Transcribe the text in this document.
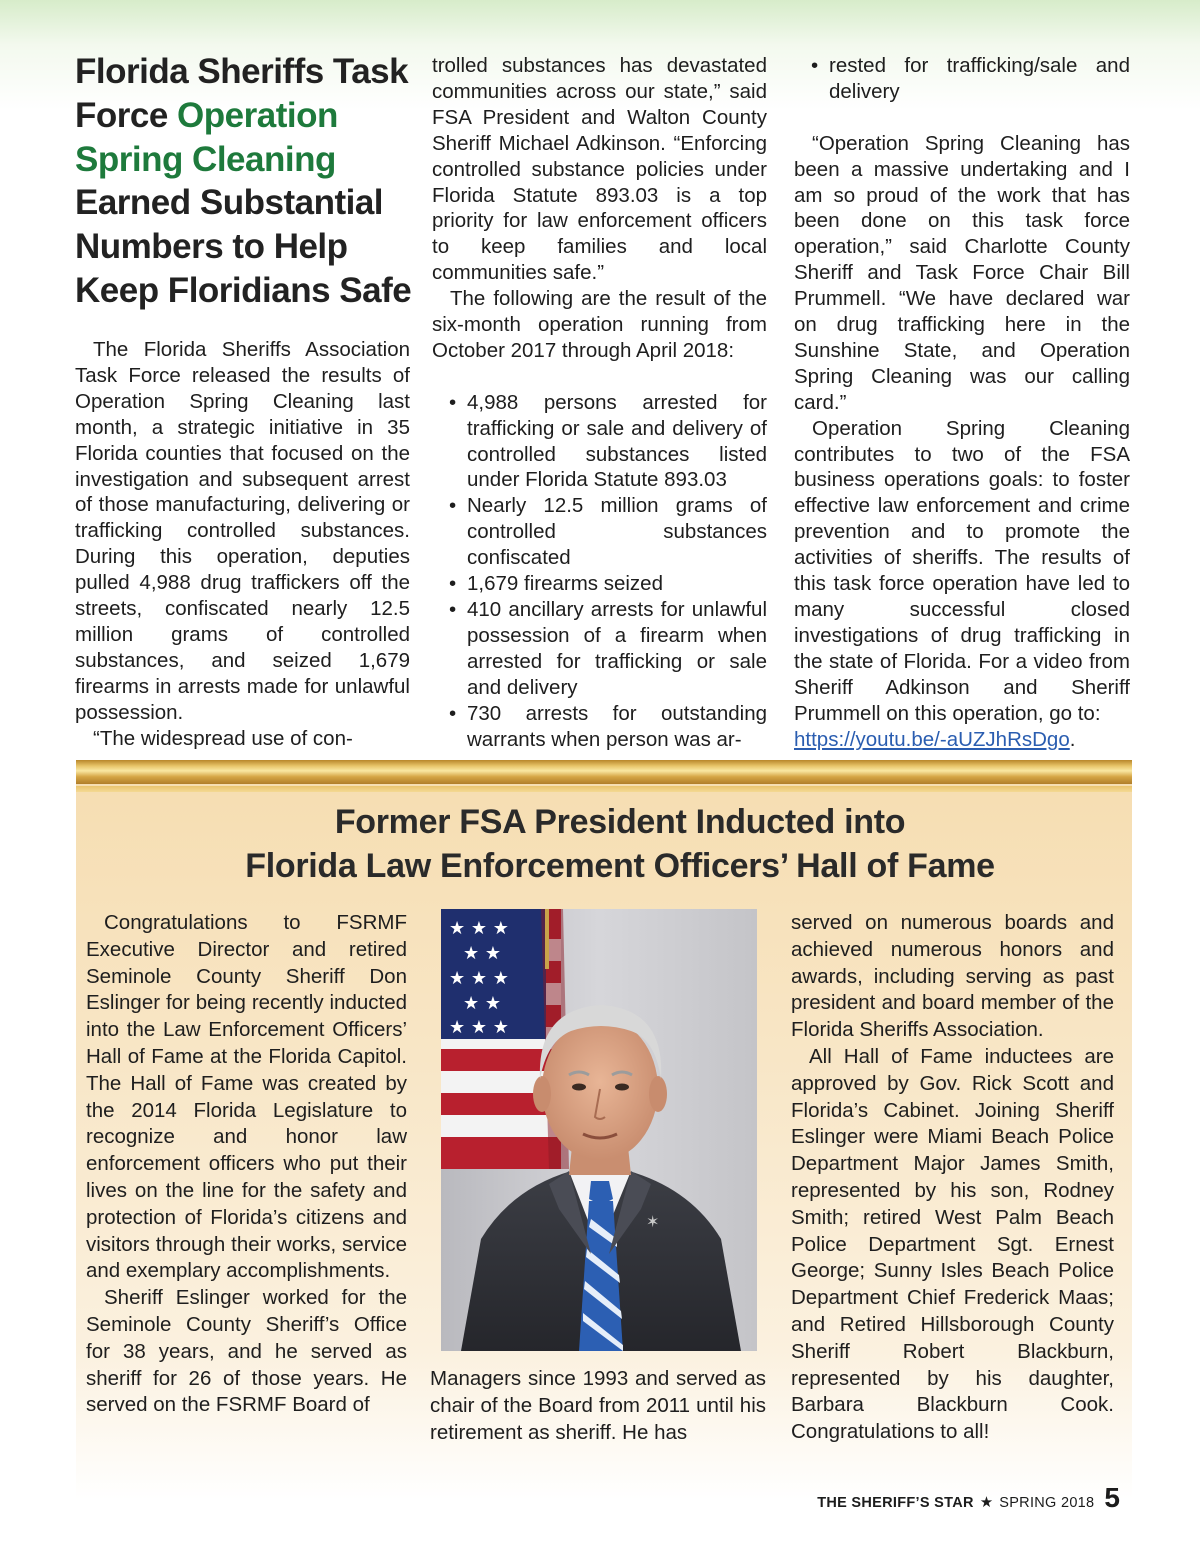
Florida Sheriffs Task Force Operation Spring Cleaning Earned Substantial Numbers to Help Keep Floridians Safe

The Florida Sheriffs Association Task Force released the results of Operation Spring Cleaning last month, a strategic initiative in 35 Florida counties that focused on the investigation and subsequent arrest of those manufacturing, delivering or trafficking controlled substances. During this operation, deputies pulled 4,988 drug traffickers off the streets, confiscated nearly 12.5 million grams of controlled substances, and seized 1,679 firearms in arrests made for unlawful possession.

“The widespread use of con-

trolled substances has devastated communities across our state,” said FSA President and Walton County Sheriff Michael Adkinson. “Enforcing controlled substance policies under Florida Statute 893.03 is a top priority for law enforcement officers to keep families and local communities safe.”

The following are the result of the six-month operation running from October 2017 through April 2018:

• 4,988 persons arrested for trafficking or sale and delivery of controlled substances listed under Florida Statute 893.03
• Nearly 12.5 million grams of controlled substances confiscated
• 1,679 firearms seized
• 410 ancillary arrests for unlawful possession of a firearm when arrested for trafficking or sale and delivery
• 730 arrests for outstanding warrants when person was ar-
• rested for trafficking/sale and delivery

“Operation Spring Cleaning has been a massive undertaking and I am so proud of the work that has been done on this task force operation,” said Charlotte County Sheriff and Task Force Chair Bill Prummell. “We have declared war on drug trafficking here in the Sunshine State, and Operation Spring Cleaning was our calling card.”

Operation Spring Cleaning contributes to two of the FSA business operations goals: to foster effective law enforcement and crime prevention and to promote the activities of sheriffs. The results of this task force operation have led to many successful closed investigations of drug trafficking in the state of Florida. For a video from Sheriff Adkinson and Sheriff Prummell on this operation, go to:

https://youtu.be/-aUZJhRsDgo.

Former FSA President Inducted into
Florida Law Enforcement Officers’ Hall of Fame

Congratulations to FSRMF Executive Director and retired Seminole County Sheriff Don Eslinger for being recently inducted into the Law Enforcement Officers’ Hall of Fame at the Florida Capitol. The Hall of Fame was created by the 2014 Florida Legislature to recognize and honor law enforcement officers who put their lives on the line for the safety and protection of Florida’s citizens and visitors through their works, service and exemplary accomplishments.

Sheriff Eslinger worked for the Seminole County Sheriff’s Office for 38 years, and he served as sheriff for 26 of those years. He served on the FSRMF Board of

★ ★ ★
★ ★
★ ★ ★
★ ★
★ ★ ★
✶

Managers since 1993 and served as chair of the Board from 2011 until his retirement as sheriff. He has

served on numerous boards and achieved numerous honors and awards, including serving as past president and board member of the Florida Sheriffs Association.

All Hall of Fame inductees are approved by Gov. Rick Scott and Florida’s Cabinet. Joining Sheriff Eslinger were Miami Beach Police Department Major James Smith, represented by his son, Rodney Smith; retired West Palm Beach Police Department Sgt. Ernest George; Sunny Isles Beach Police Department Chief Frederick Maas; and Retired Hillsborough County Sheriff Robert Blackburn, represented by his daughter, Barbara Blackburn Cook. Congratulations to all!

THE SHERIFF’S STAR ★ SPRING 2018 5
